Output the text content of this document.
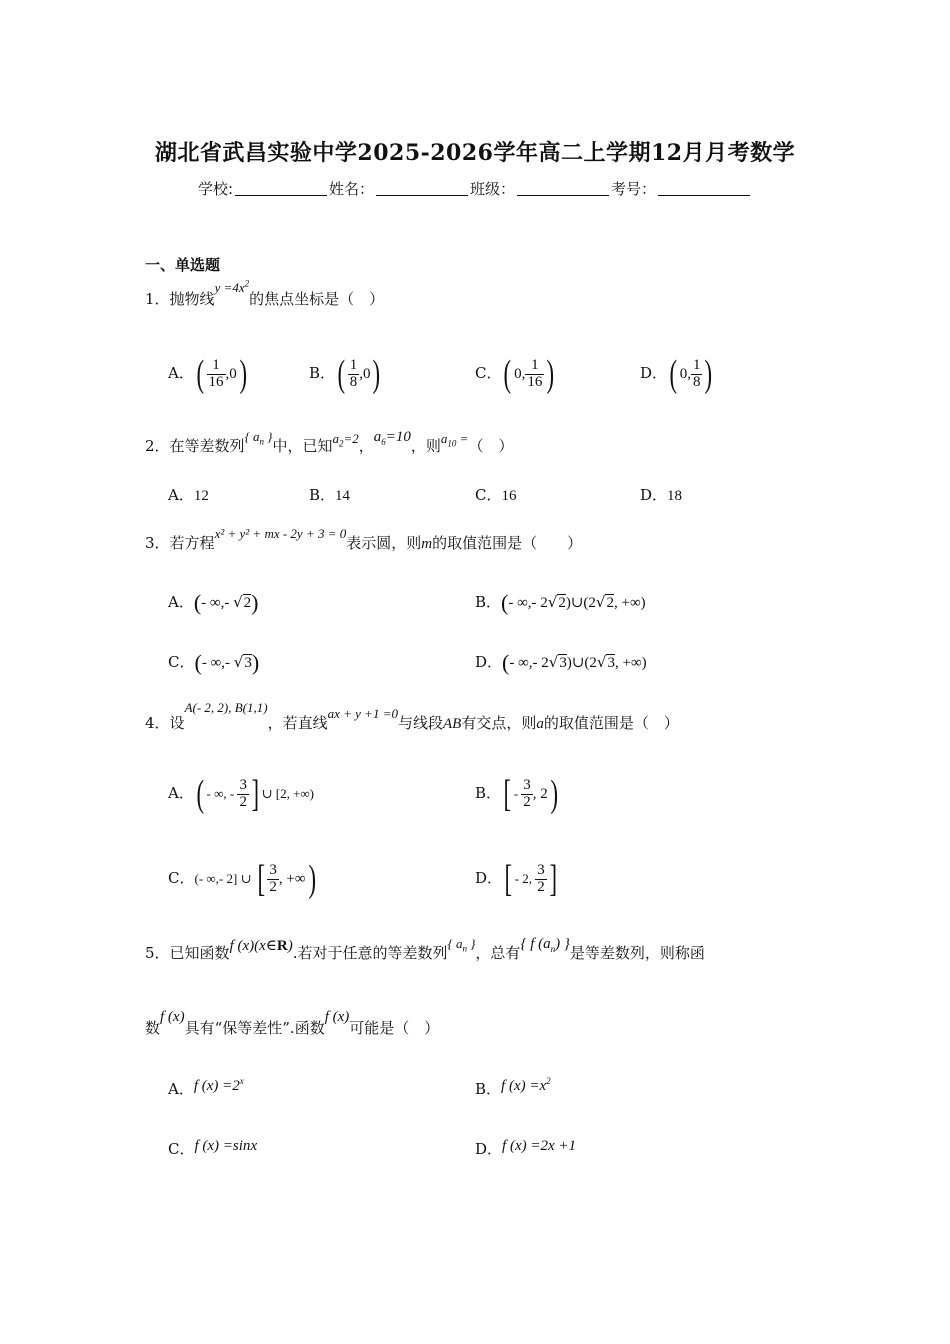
湖北省武昌实验中学2025-2026学年高二上学期12月月考数学
学校:	姓名：	班级：	考号：
一、单选题
1．抛物线$y =4x^2$的焦点坐标是（　）
A．( $\frac{1}{16} ,0$)	B．( $\frac{1}{8} ,0$)	C．( 0, $\frac{1}{16}$ )	D．( 0, $\frac{1}{8}$ )
2．在等差数列{ $a_n$ }中，已知$a_2=2$，$a_6=10$，则$a_{10}$ =（　）
A．12	B．14	C．16	D．18
3．若方程x² + y² + mx - 2y + 3 = 0表示圆，则m的取值范围是（　　）
A．(- ∞,- √2)	B．(- ∞,- 2√2)∪(2√2, +∞)
C．(- ∞,- √3)	D．(- ∞,- 2√3)∪(2√3, +∞)
4．设A(- 2, 2), B(1,1)，若直线ax + y +1 =0与线段AB有交点，则a的取值范围是（　）
A．( - ∞, - $\frac{3}{2}$ ] ∪ [2, +∞)	B．[ - $\frac{3}{2}$ , 2)
C．(- ∞,- 2] ∪ [ $\frac{3}{2}$ , +∞)	D．[ - 2, $\frac{3}{2}$ ]
5．已知函数f (x)(x∈R).若对于任意的等差数列{ $a_n$ }，总有{ f $(a_n)$ }是等差数列，则称函
数f (x)具有“保等差性”.函数f (x)可能是（　）
A．f $(x) =2^x$	B．f $(x) =x^2$
C．f (x) =sinx	D．f (x) =2x +1
